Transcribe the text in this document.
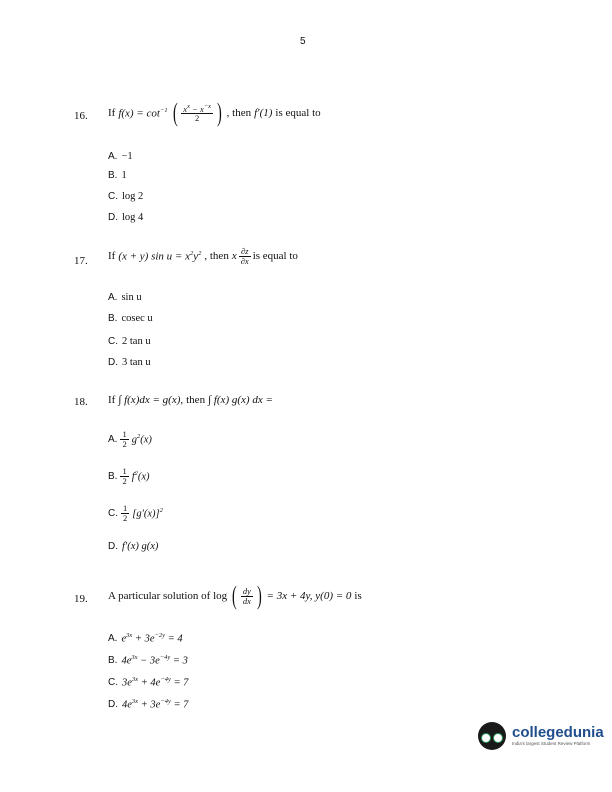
5
16. If $f(x) = \cot^{-1}$ ( $\frac{x^x - x^{-x}}{2}$ ) , then f′(1) is equal to
A. −1
B. 1
C. log 2
D. log 4
17. If (x + y) $\sin u = x^2y^2$ , then x $\frac{\partial z}{\partial x}$ is equal to
A. sin u
B. cosec u
C. 2 tan u
D. 3 tan u
18. If ∫ f(x)dx = g(x), then ∫ f(x) g(x) dx =
A. $\frac{1}{2} g^2(x)$
B. $\frac{1}{2} f^2(x)$
C. $\frac{1}{2} [g'(x)]^2$
D. f′(x) g(x)
19. A particular solution of log ( $\frac{dy}{dx}$ ) = 3x + 4y, y(0) = 0 is
A. $e^{3x} + 3e^{-2y} = 4$
B. $4e^{3x} - 3e^{-4y} = 3$
C. $3e^{3x} + 4e^{-4y} = 7$
D. $4e^{3x} + 3e^{-4y} = 7$
collegedunia
India's largest Student Review Platform
